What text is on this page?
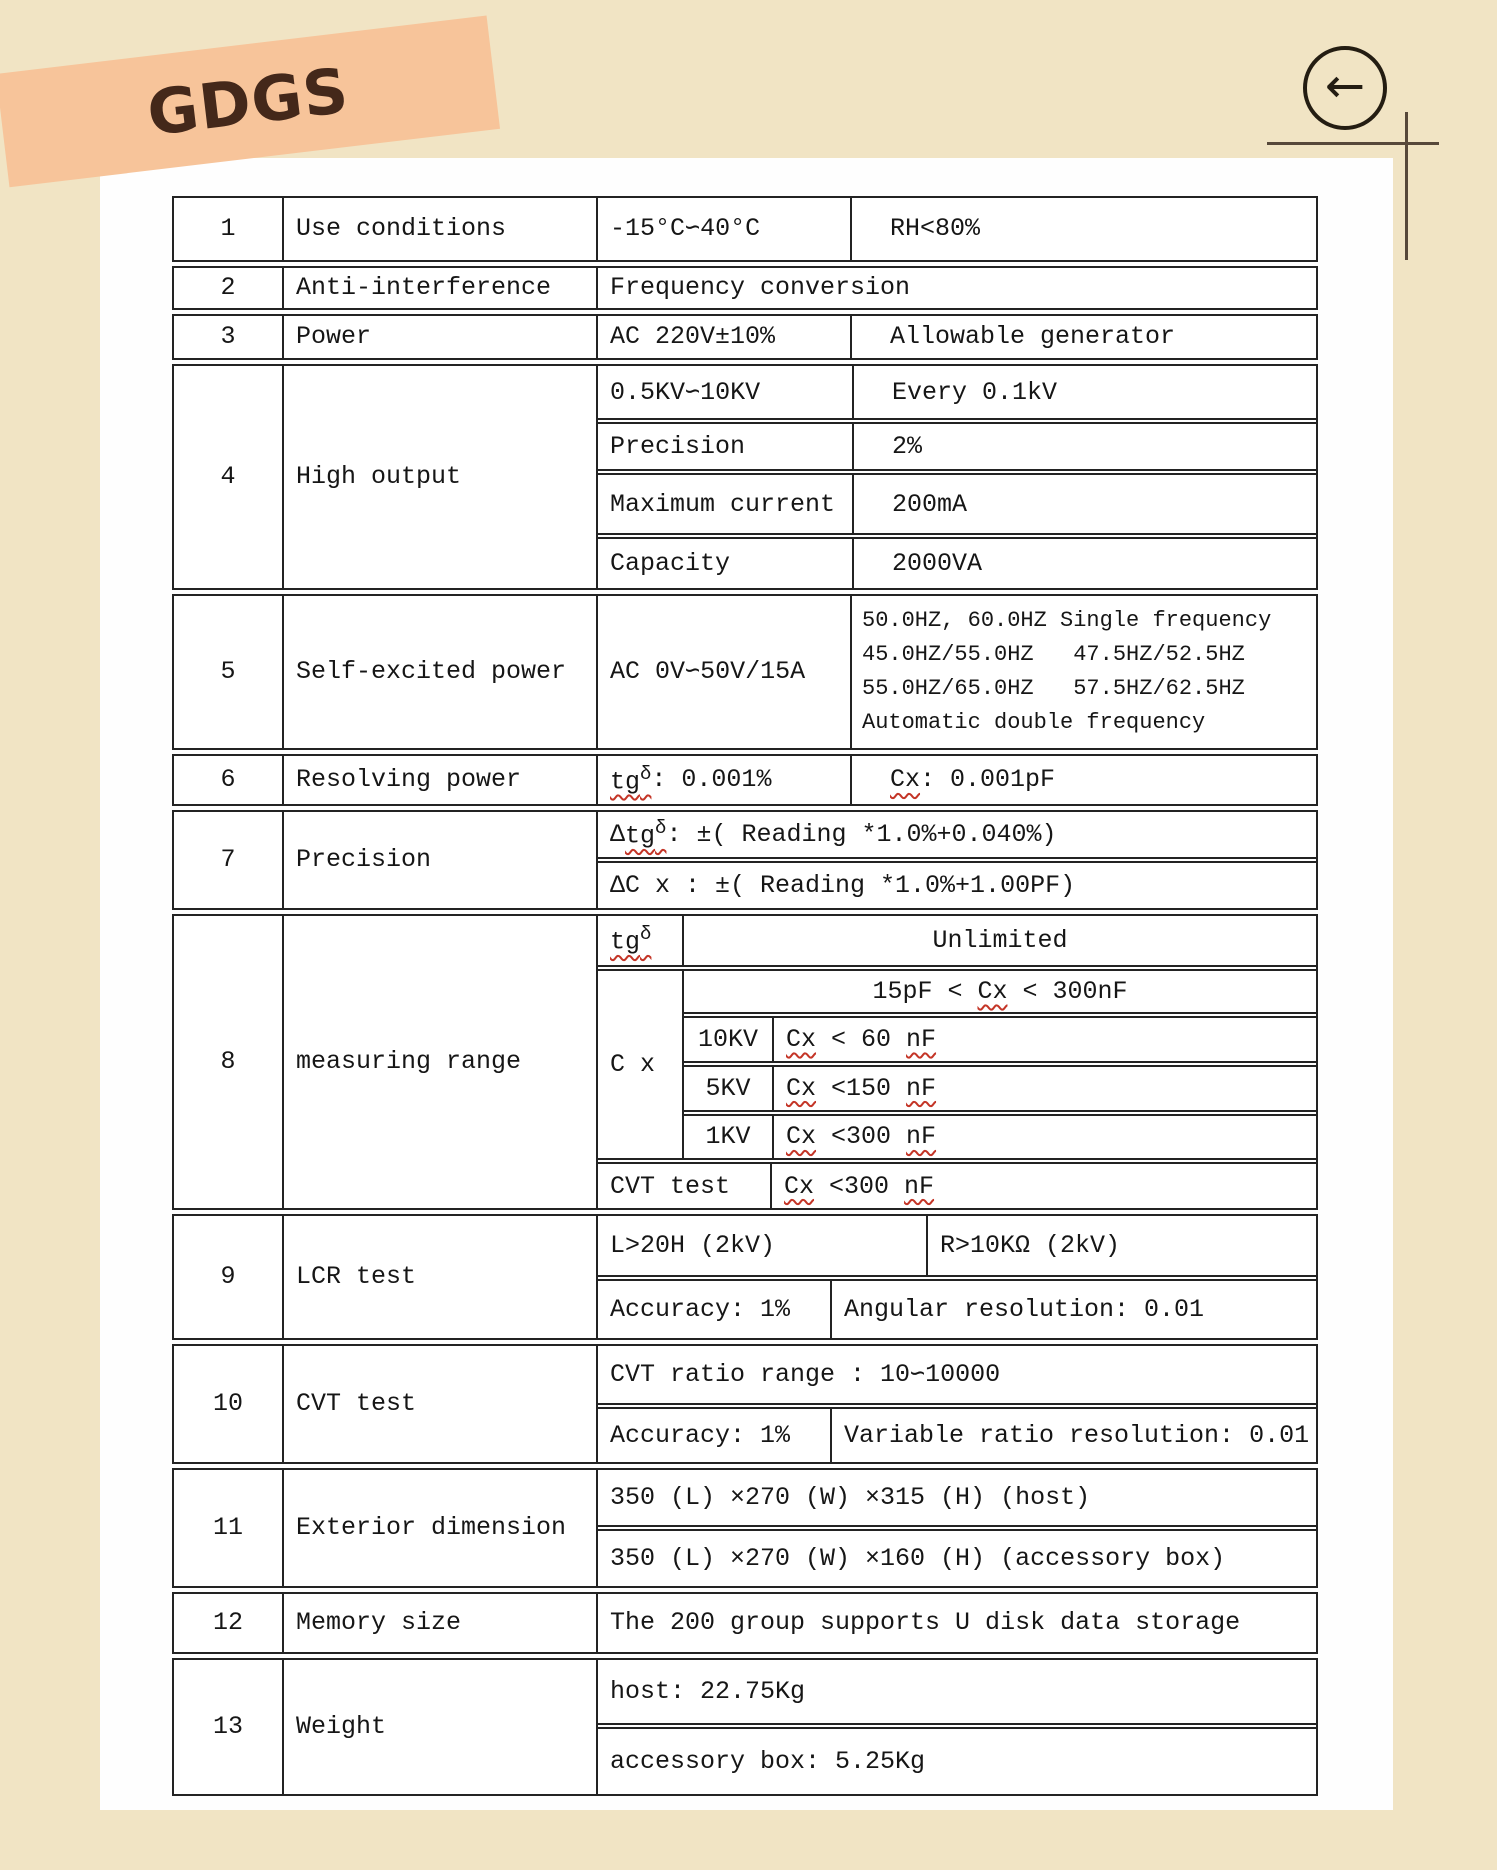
GDGS	←
1	Use conditions	-15°C∽40°C	RH<80%
2	Anti-interference	Frequency conversion
3	Power	AC 220V±10%	Allowable generator
4	High output
0.5KV∽10KV	Every 0.1kV
Precision	2%
Maximum current	200mA
Capacity	2000VA
5	Self-excited power	AC 0V∽50V/15A
50.0HZ, 60.0HZ Single frequency
45.0HZ/55.0HZ   47.5HZ/52.5HZ
55.0HZ/65.0HZ   57.5HZ/62.5HZ
Automatic double frequency
6	Resolving power	$tg^\delta$ : 0.001%	Cx : 0.001pF
7	Precision
Δ $tg^\delta$ : ±( Reading *1.0%+0.040%)
ΔC x : ±( Reading *1.0%+1.00PF)
8	measuring range
$tg^\delta$	Unlimited
C x
15pF < Cx < 300nF
10KV	Cx < 60 nF
5KV	Cx <150 nF
1KV	Cx <300 nF
CVT test	Cx <300 nF
9	LCR test
L>20H (2kV)	R>10KΩ (2kV)
Accuracy: 1%	Angular resolution: 0.01
10	CVT test
CVT ratio range : 10∽10000
Accuracy: 1%	Variable ratio resolution: 0.01
11	Exterior dimension
350 (L) ×270 (W) ×315 (H) (host)
350 (L) ×270 (W) ×160 (H) (accessory box)
12	Memory size	The 200 group supports U disk data storage
13	Weight
host: 22.75Kg
accessory box: 5.25Kg
